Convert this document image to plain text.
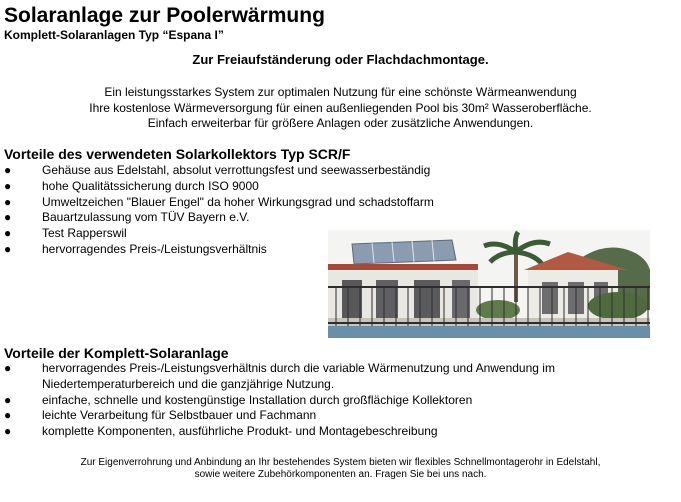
Solaranlage zur Poolerwärmung
Komplett-Solaranlagen Typ “Espana I”
Zur Freiaufständerung oder Flachdachmontage.
Ein leistungsstarkes System zur optimalen Nutzung für eine schönste Wärmeanwendung
Ihre kostenlose Wärmeversorgung für einen außenliegenden Pool bis 30m² Wasseroberfläche.
Einfach erweiterbar für größere Anlagen oder zusätzliche Anwendungen.
Vorteile des verwendeten Solarkollektors Typ SCR/F
●	Gehäuse aus Edelstahl, absolut verrottungsfest und seewasserbeständig
●	hohe Qualitätssicherung durch ISO 9000
●	Umweltzeichen "Blauer Engel" da hoher Wirkungsgrad und schadstoffarm
●	Bauartzulassung vom TÜV Bayern e.V.
●	Test Rapperswil
●	hervorragendes Preis-/Leistungsverhältnis
Vorteile der Komplett-Solaranlage
●	hervorragendes Preis-/Leistungsverhältnis durch die variable Wärmenutzung und Anwendung im Niedertemperaturbereich und die ganzjährige Nutzung.
●	einfache, schnelle und kostengünstige Installation durch großflächige Kollektoren
●	leichte Verarbeitung für Selbstbauer und Fachmann
●	komplette Komponenten, ausführliche Produkt- und Montagebeschreibung
Zur Eigenverrohrung und Anbindung an Ihr bestehendes System bieten wir flexibles Schnellmontagerohr in Edelstahl,
sowie weitere Zubehörkomponenten an. Fragen Sie bei uns nach.
